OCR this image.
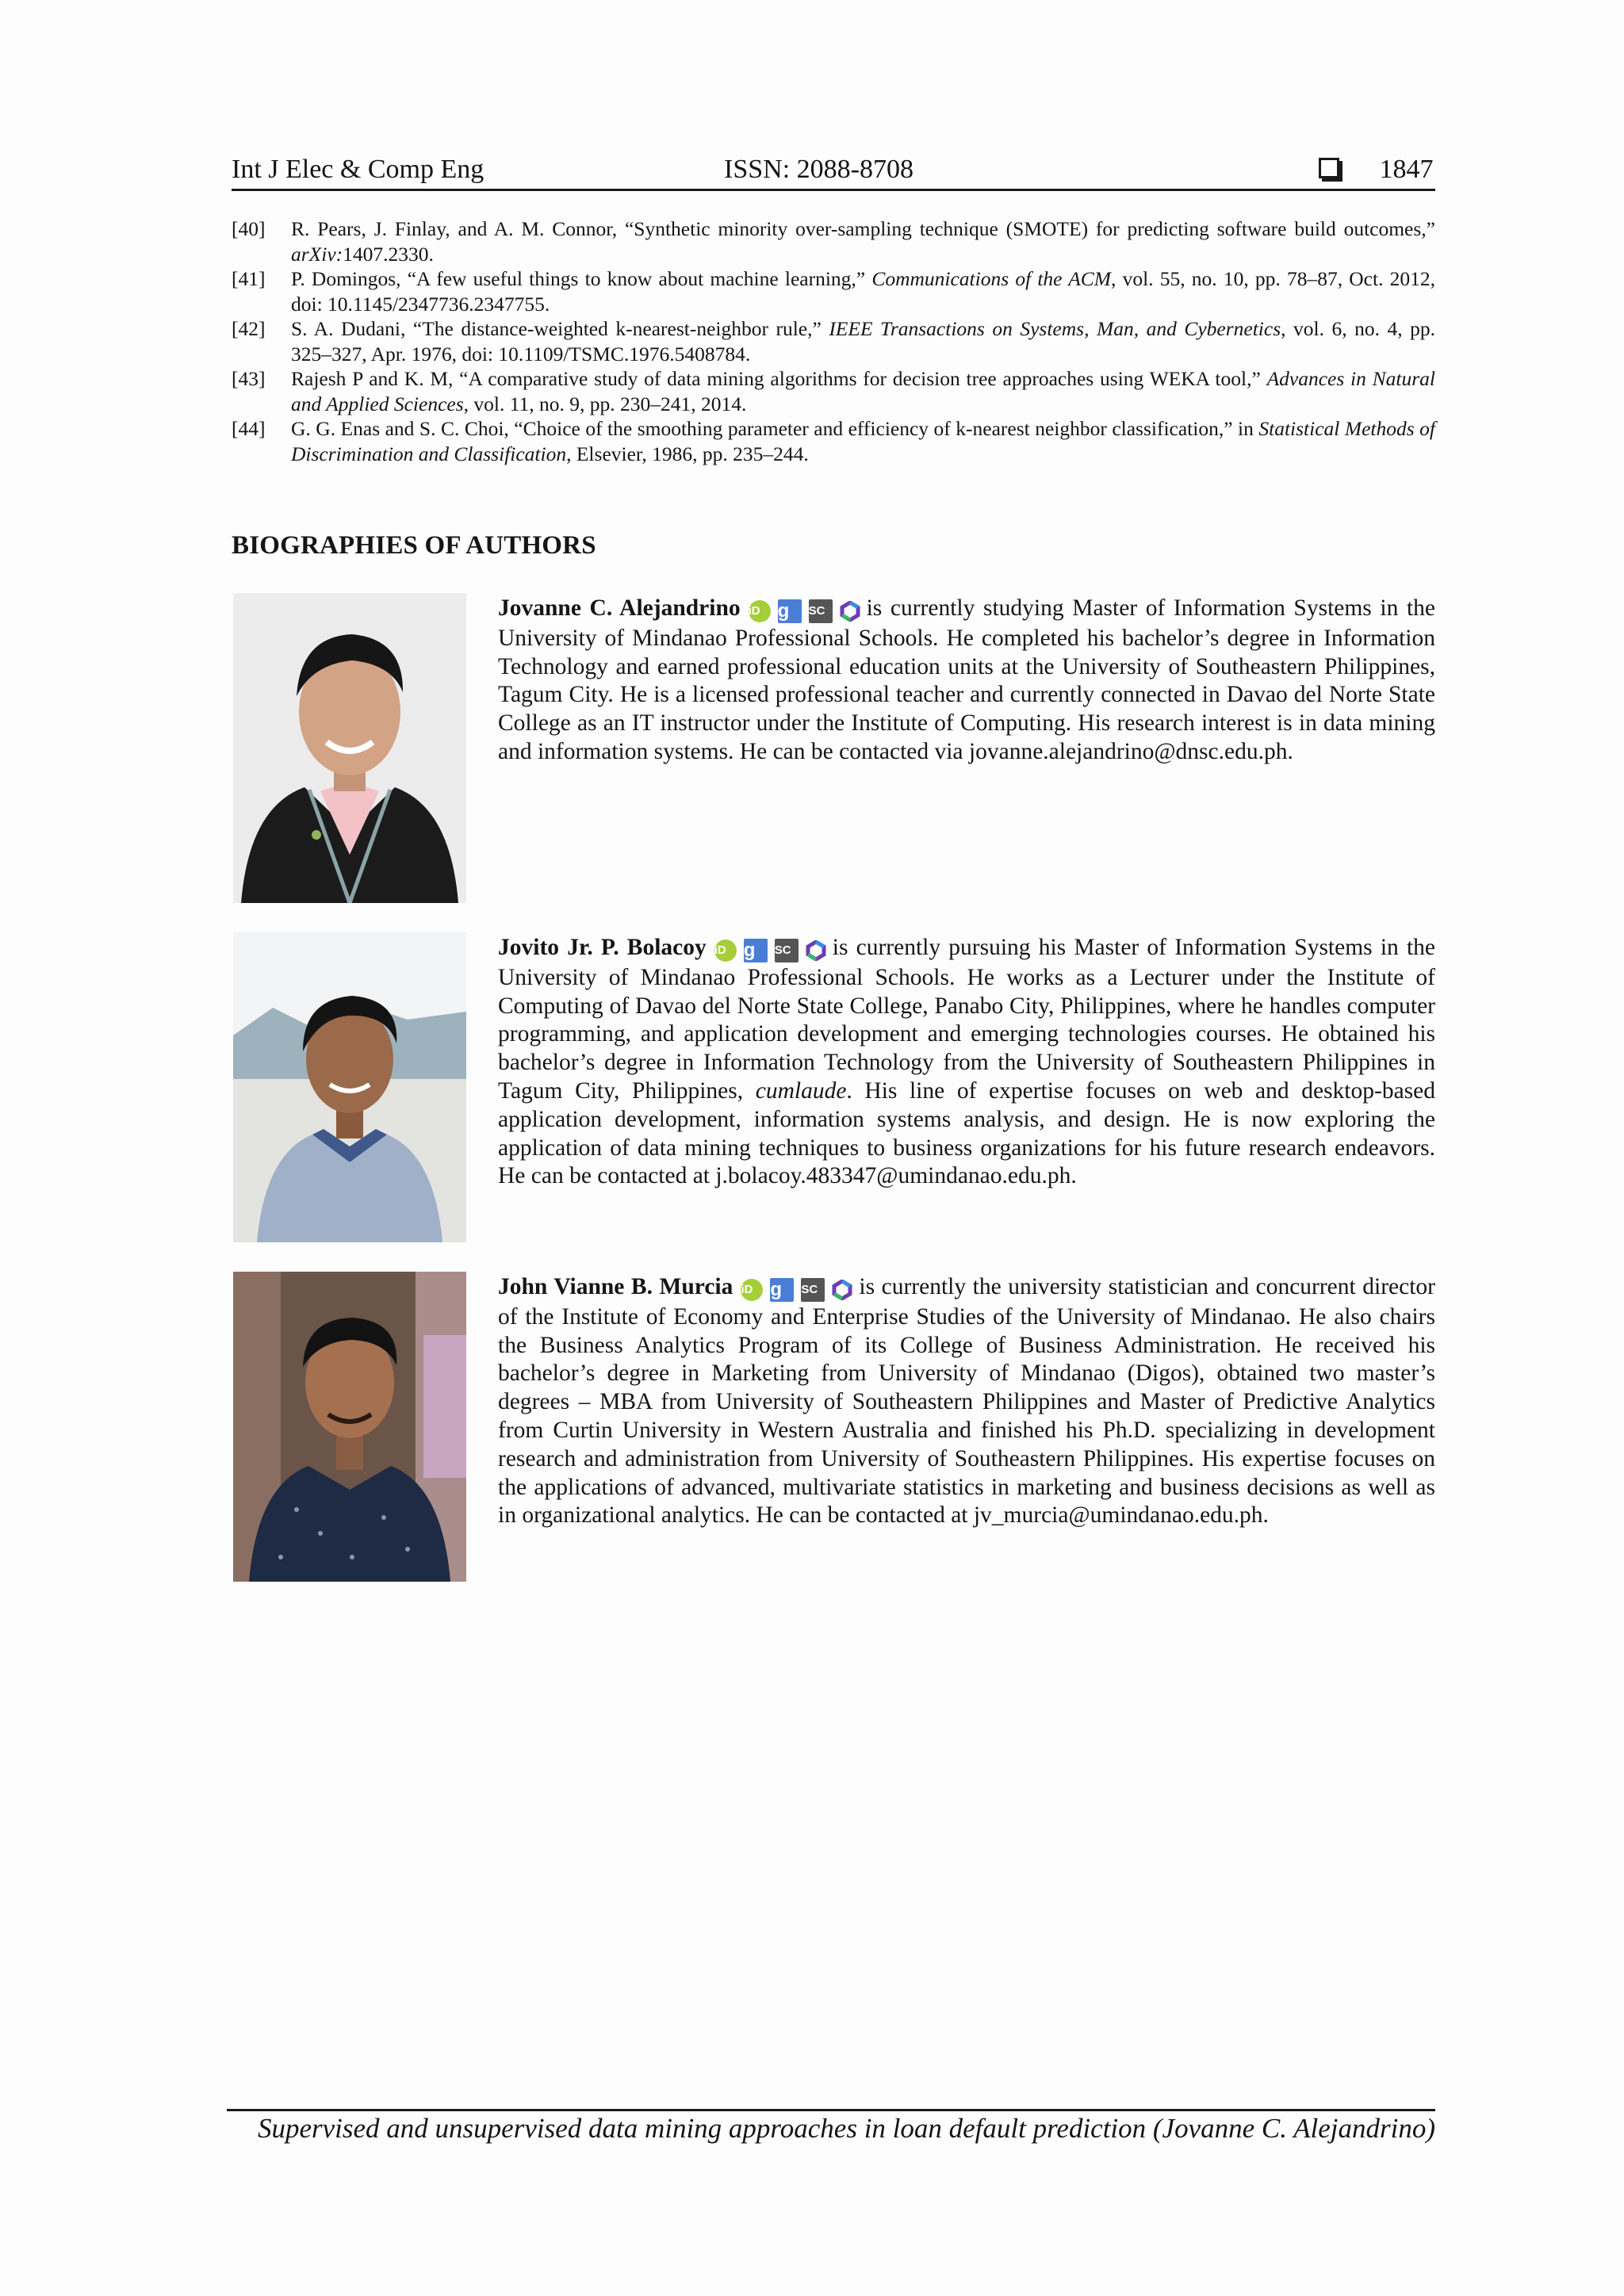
Int J Elec & Comp Eng	ISSN: 2088-8708	1847
[40] R. Pears, J. Finlay, and A. M. Connor, “Synthetic minority over-sampling technique (SMOTE) for predicting software build outcomes,” arXiv:1407.2330.
[41] P. Domingos, “A few useful things to know about machine learning,” Communications of the ACM, vol. 55, no. 10, pp. 78–87, Oct. 2012, doi: 10.1145/2347736.2347755.
[42] S. A. Dudani, “The distance-weighted k-nearest-neighbor rule,” IEEE Transactions on Systems, Man, and Cybernetics, vol. 6, no. 4, pp. 325–327, Apr. 1976, doi: 10.1109/TSMC.1976.5408784.
[43] Rajesh P and K. M, “A comparative study of data mining algorithms for decision tree approaches using WEKA tool,” Advances in Natural and Applied Sciences, vol. 11, no. 9, pp. 230–241, 2014.
[44] G. G. Enas and S. C. Choi, “Choice of the smoothing parameter and efficiency of k-nearest neighbor classification,” in Statistical Methods of Discrimination and Classification, Elsevier, 1986, pp. 235–244.
BIOGRAPHIES OF AUTHORS
Jovanne C. Alejandrino iD g SC is currently studying Master of Information Systems in the University of Mindanao Professional Schools. He completed his bachelor’s degree in Information Technology and earned professional education units at the University of Southeastern Philippines, Tagum City. He is a licensed professional teacher and currently connected in Davao del Norte State College as an IT instructor under the Institute of Computing. His research interest is in data mining and information systems. He can be contacted via jovanne.alejandrino@dnsc.edu.ph.
Jovito Jr. P. Bolacoy iD g SC is currently pursuing his Master of Information Systems in the University of Mindanao Professional Schools. He works as a Lecturer under the Institute of Computing of Davao del Norte State College, Panabo City, Philippines, where he handles computer programming, and application development and emerging technologies courses. He obtained his bachelor’s degree in Information Technology from the University of Southeastern Philippines in Tagum City, Philippines, cumlaude. His line of expertise focuses on web and desktop-based application development, information systems analysis, and design. He is now exploring the application of data mining techniques to business organizations for his future research endeavors. He can be contacted at j.bolacoy.483347@umindanao.edu.ph.
John Vianne B. Murcia iD g SC is currently the university statistician and concurrent director of the Institute of Economy and Enterprise Studies of the University of Mindanao. He also chairs the Business Analytics Program of its College of Business Administration. He received his bachelor’s degree in Marketing from University of Mindanao (Digos), obtained two master’s degrees – MBA from University of Southeastern Philippines and Master of Predictive Analytics from Curtin University in Western Australia and finished his Ph.D. specializing in development research and administration from University of Southeastern Philippines. His expertise focuses on the applications of advanced, multivariate statistics in marketing and business decisions as well as in organizational analytics. He can be contacted at jv_murcia@umindanao.edu.ph.
Supervised and unsupervised data mining approaches in loan default prediction (Jovanne C. Alejandrino)
